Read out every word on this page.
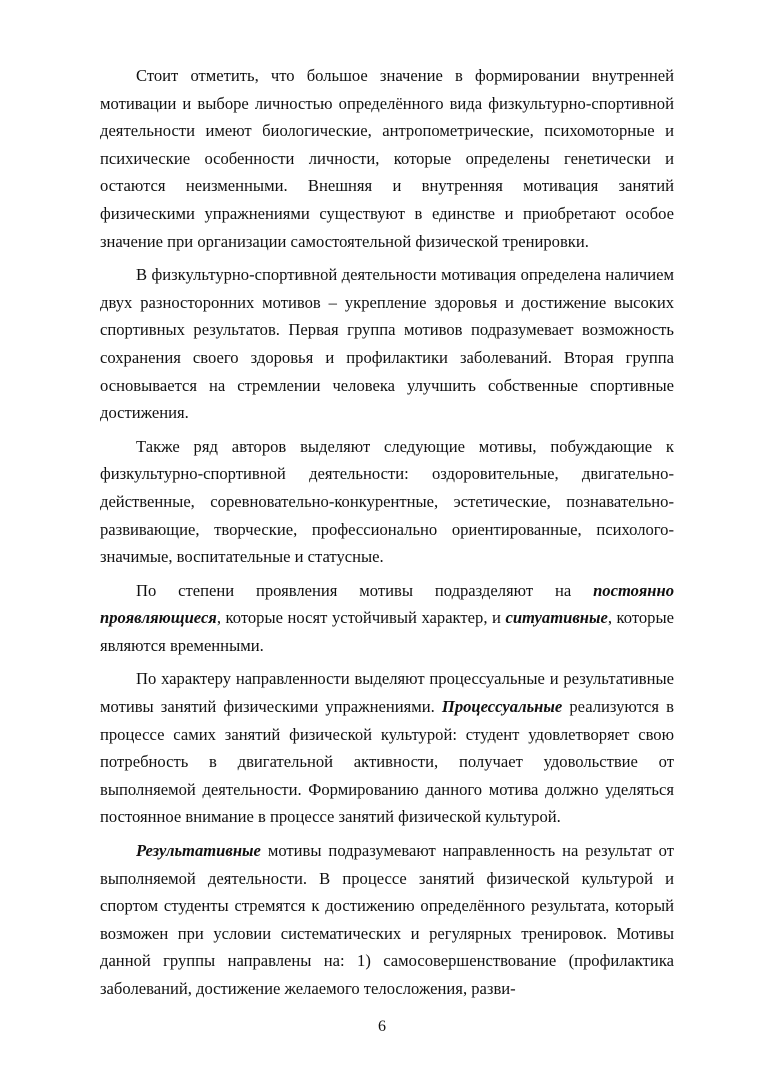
Стоит отметить, что большое значение в формировании внутренней мотивации и выборе личностью определённого вида физкультурно-спортивной деятельности имеют биологические, антропометрические, психомоторные и психические особенности личности, которые определены генетически и остаются неизменными. Внешняя и внутренняя мотивация занятий физическими упражнениями существуют в единстве и приобретают особое значение при организации самостоятельной физической тренировки.

В физкультурно-спортивной деятельности мотивация определена наличием двух разносторонних мотивов – укрепление здоровья и достижение высоких спортивных результатов. Первая группа мотивов подразумевает возможность сохранения своего здоровья и профилактики заболеваний. Вторая группа основывается на стремлении человека улучшить собственные спортивные достижения.

Также ряд авторов выделяют следующие мотивы, побуждающие к физкультурно-спортивной деятельности: оздоровительные, двигательно-действенные, соревновательно-конкурентные, эстетические, познавательно-развивающие, творческие, профессионально ориентированные, психолого-значимые, воспитательные и статусные.

По степени проявления мотивы подразделяют на постоянно проявляющиеся, которые носят устойчивый характер, и ситуативные, которые являются временными.

По характеру направленности выделяют процессуальные и результативные мотивы занятий физическими упражнениями. Процессуальные реализуются в процессе самих занятий физической культурой: студент удовлетворяет свою потребность в двигательной активности, получает удовольствие от выполняемой деятельности. Формированию данного мотива должно уделяться постоянное внимание в процессе занятий физической культурой.

Результативные мотивы подразумевают направленность на результат от выполняемой деятельности. В процессе занятий физической культурой и спортом студенты стремятся к достижению определённого результата, который возможен при условии систематических и регулярных тренировок. Мотивы данной группы направлены на: 1) самосовершенствование (профилактика заболеваний, достижение желаемого телосложения, разви-

6
